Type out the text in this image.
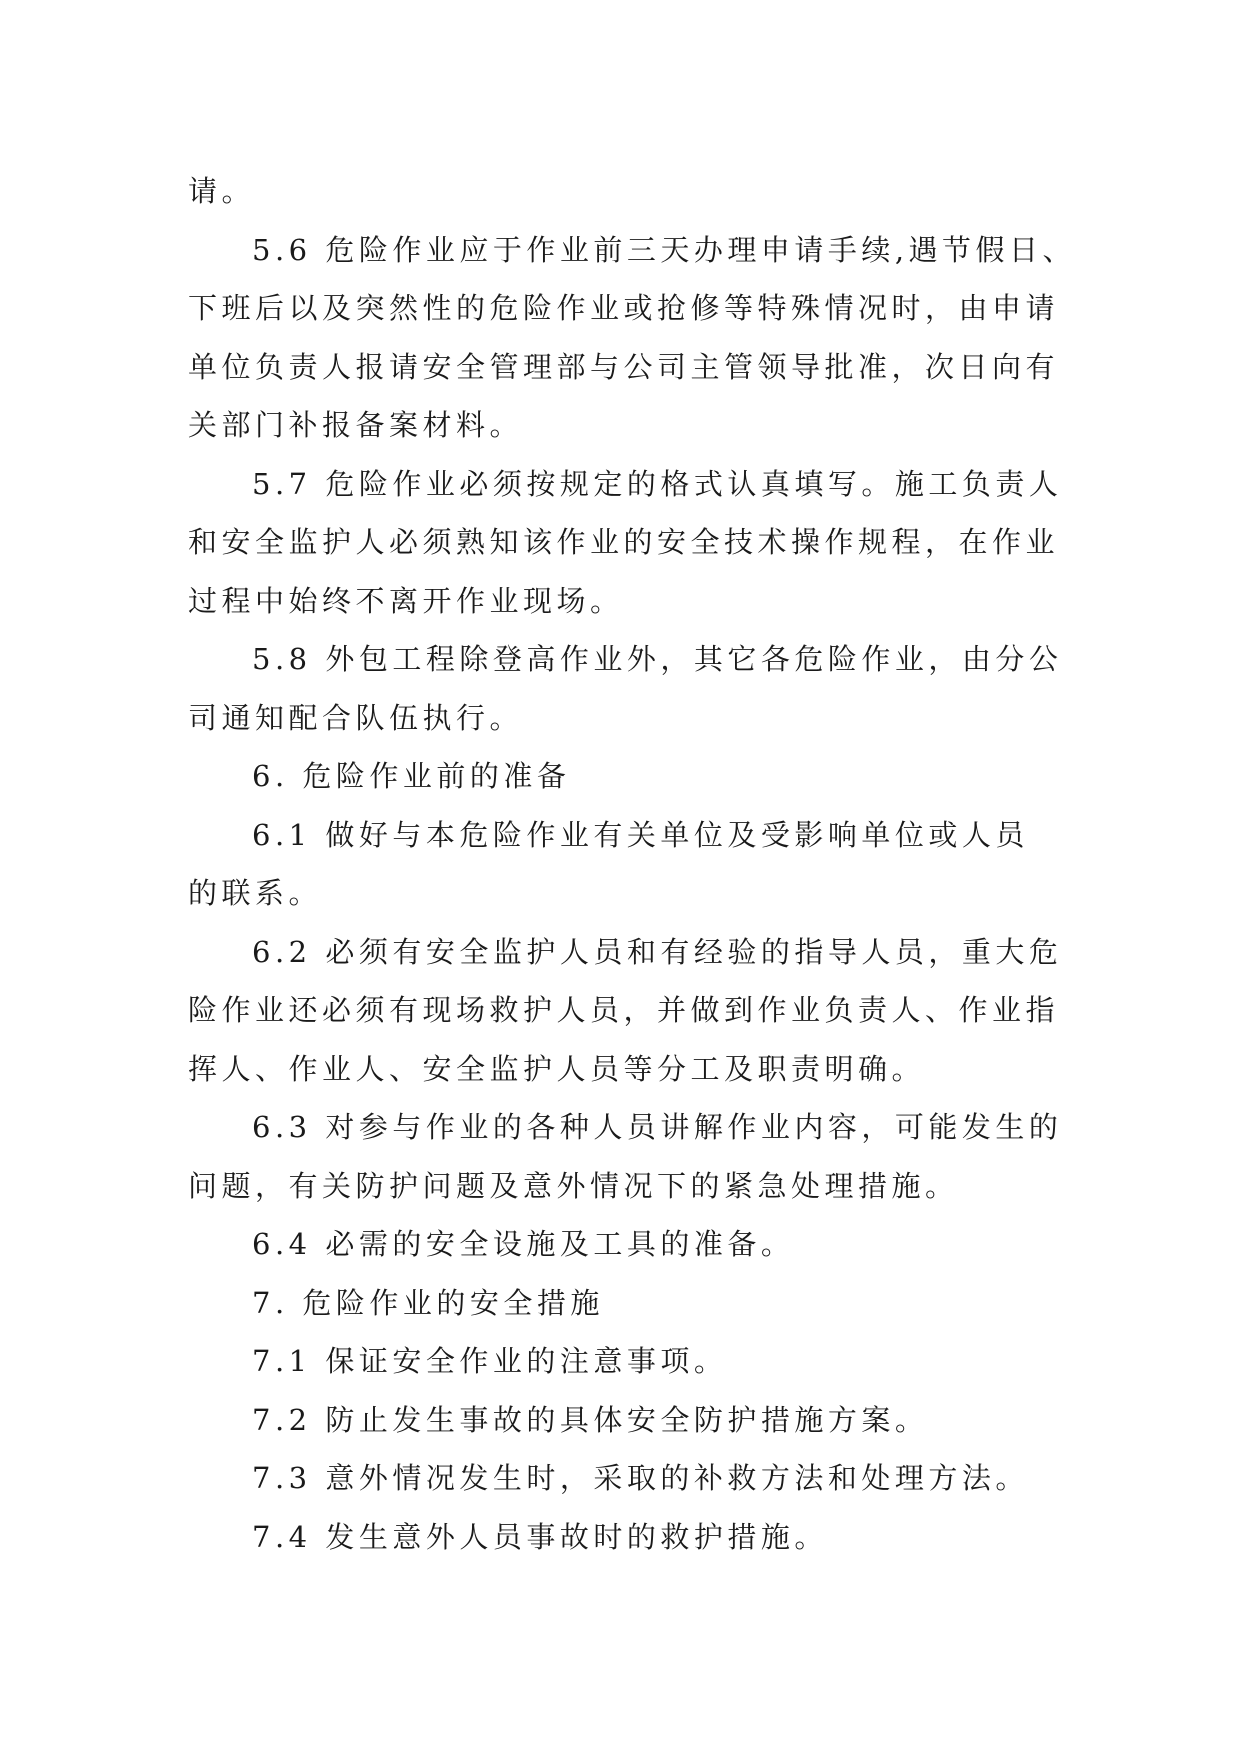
请。
5.6 危险作业应于作业前三天办理申请手续,遇节假日、
下班后以及突然性的危险作业或抢修等特殊情况时，由申请
单位负责人报请安全管理部与公司主管领导批准，次日向有
关部门补报备案材料。
5.7 危险作业必须按规定的格式认真填写。施工负责人
和安全监护人必须熟知该作业的安全技术操作规程，在作业
过程中始终不离开作业现场。
5.8 外包工程除登高作业外，其它各危险作业，由分公
司通知配合队伍执行。
6. 危险作业前的准备
6.1 做好与本危险作业有关单位及受影响单位或人员
的联系。
6.2 必须有安全监护人员和有经验的指导人员，重大危
险作业还必须有现场救护人员，并做到作业负责人、作业指
挥人、作业人、安全监护人员等分工及职责明确。
6.3 对参与作业的各种人员讲解作业内容，可能发生的
问题，有关防护问题及意外情况下的紧急处理措施。
6.4 必需的安全设施及工具的准备。
7. 危险作业的安全措施
7.1 保证安全作业的注意事项。
7.2 防止发生事故的具体安全防护措施方案。
7.3 意外情况发生时，采取的补救方法和处理方法。
7.4 发生意外人员事故时的救护措施。
